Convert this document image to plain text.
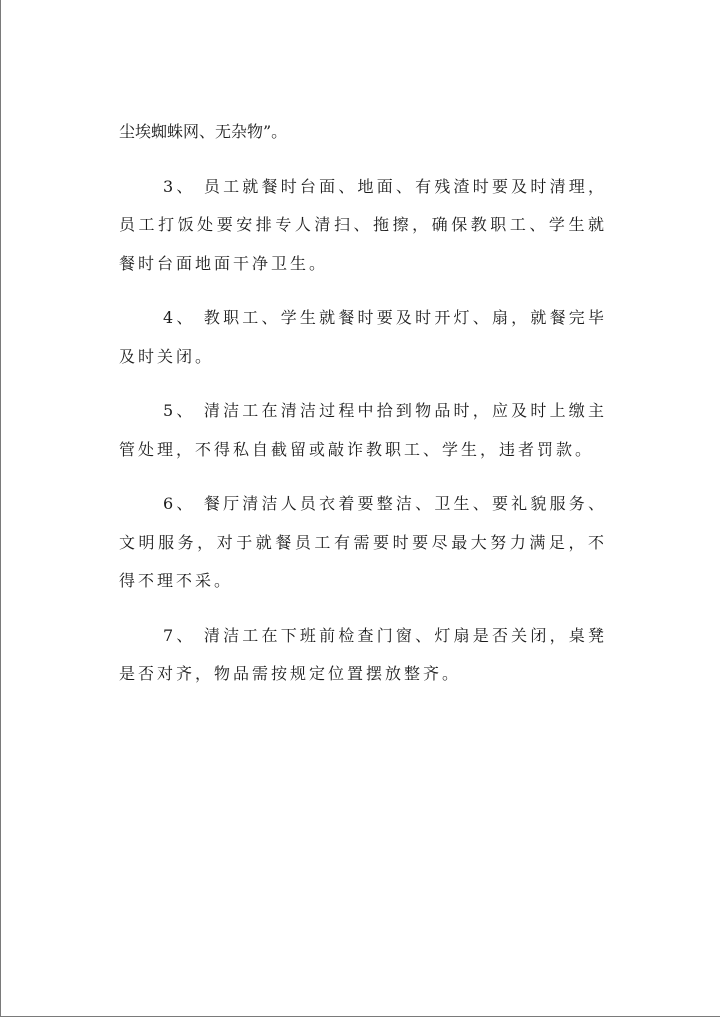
尘埃蜘蛛网、无杂物”。

3、 员工就餐时台面、地面、有残渣时要及时清理，员工打饭处要安排专人清扫、拖擦，确保教职工、学生就餐时台面地面干净卫生。

4、 教职工、学生就餐时要及时开灯、扇，就餐完毕及时关闭。

5、 清洁工在清洁过程中拾到物品时，应及时上缴主管处理，不得私自截留或敲诈教职工、学生，违者罚款。

6、 餐厅清洁人员衣着要整洁、卫生、要礼貌服务、文明服务，对于就餐员工有需要时要尽最大努力满足，不得不理不采。

7、 清洁工在下班前检查门窗、灯扇是否关闭，桌凳是否对齐，物品需按规定位置摆放整齐。
